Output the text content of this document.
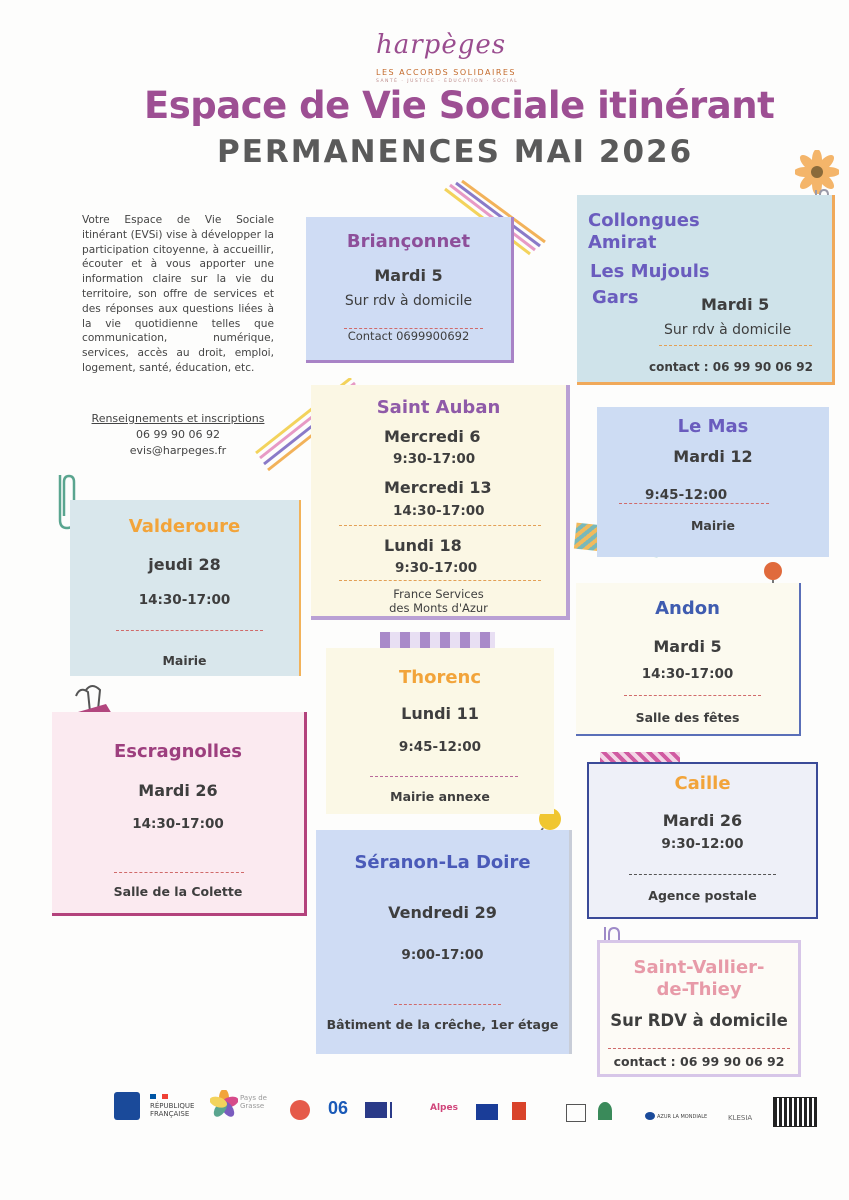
harpèges
LES ACCORDS SOLIDAIRES
SANTÉ · JUSTICE · ÉDUCATION · SOCIAL
Espace de Vie Sociale itinérant
PERMANENCES MAI 2026
Votre Espace de Vie Sociale itinérant (EVSi) vise à développer la participation citoyenne, à accueillir, écouter et à vous apporter une information claire sur la vie du territoire, son offre de services et des réponses aux questions liées à la vie quotidienne telles que communication, numérique, services, accès au droit, emploi, logement, santé, éducation, etc.
Renseignements et inscriptions
06 99 90 06 92
evis@harpeges.fr
Briançonnet
Mardi 5
Sur rdv à domicile
Contact 0699900692
Collongues
Amirat
Les Mujouls
Gars	Mardi 5
Sur rdv à domicile
contact : 06 99 90 06 92
Saint Auban
Mercredi 6
9:30-17:00
Mercredi 13
14:30-17:00
Lundi 18
9:30-17:00
France Services
des Monts d'Azur
Le Mas
Mardi 12
9:45-12:00
Mairie
Valderoure
jeudi 28
14:30-17:00
Mairie
Andon
Mardi 5
14:30-17:00
Salle des fêtes
Thorenc
Lundi 11
9:45-12:00
Mairie annexe
Escragnolles
Mardi 26
14:30-17:00
Salle de la Colette
Caille
Mardi 26
9:30-12:00
Agence postale
Séranon-La Doire
Vendredi 29
9:00-17:00
Bâtiment de la crêche, 1er étage
Saint-Vallier-
de-Thiey
Sur RDV à domicile
contact : 06 99 90 06 92
RÉPUBLIQUE FRANÇAISE
Pays de Grasse	06	Alpes
AZUR LA MONDIALE	KLESIA
